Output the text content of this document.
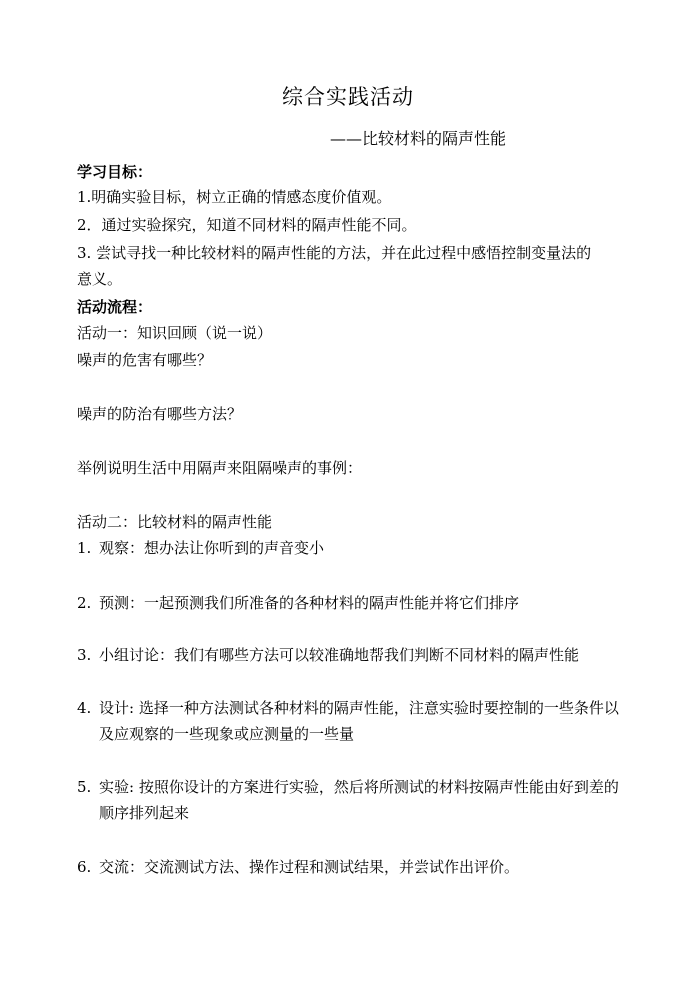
综合实践活动
——比较材料的隔声性能
学习目标：
1.明确实验目标，树立正确的情感态度价值观。
2．通过实验探究，知道不同材料的隔声性能不同。
3. 尝试寻找一种比较材料的隔声性能的方法，并在此过程中感悟控制变量法的
意义。
活动流程：
活动一：知识回顾（说一说）
噪声的危害有哪些？
噪声的防治有哪些方法？
举例说明生活中用隔声来阻隔噪声的事例：
活动二：比较材料的隔声性能
1. 观察：想办法让你听到的声音变小
2. 预测：一起预测我们所准备的各种材料的隔声性能并将它们排序
3. 小组讨论：我们有哪些方法可以较准确地帮我们判断不同材料的隔声性能
4. 设计: 选择一种方法测试各种材料的隔声性能，注意实验时要控制的一些条件以及应观察的一些现象或应测量的一些量
5. 实验: 按照你设计的方案进行实验，然后将所测试的材料按隔声性能由好到差的顺序排列起来
6. 交流：交流测试方法、操作过程和测试结果，并尝试作出评价。
